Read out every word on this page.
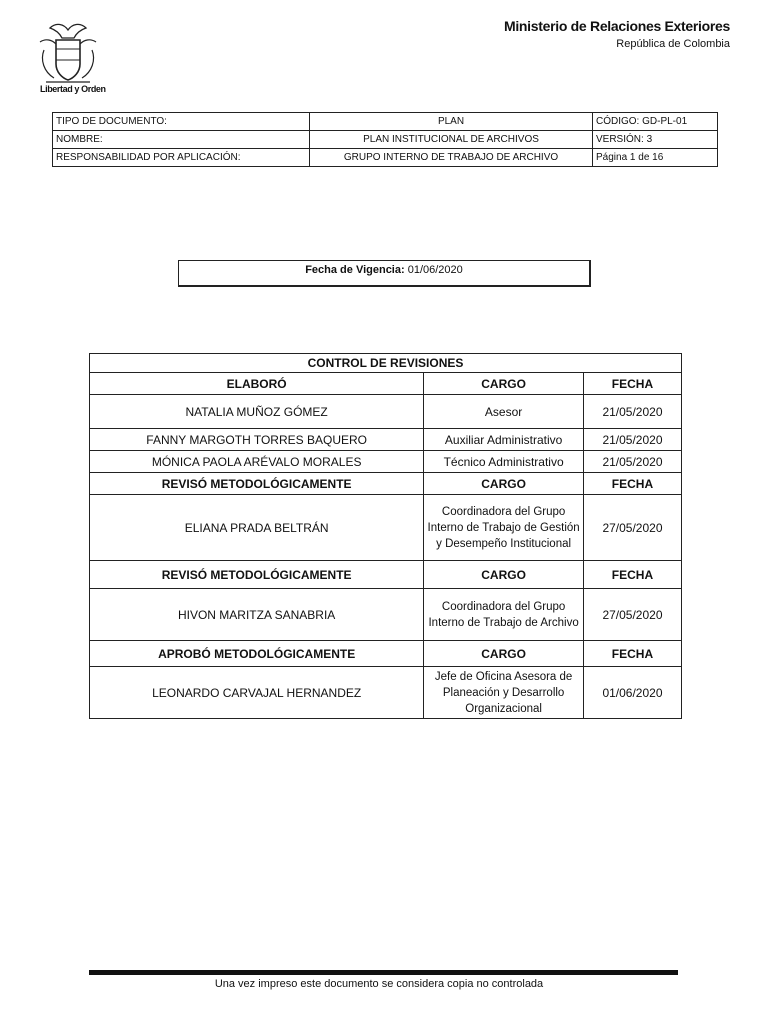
Libertad y Orden
Ministerio de Relaciones Exteriores
República de Colombia
TIPO DE DOCUMENTO:	PLAN	CÓDIGO: GD-PL-01
NOMBRE:	PLAN INSTITUCIONAL DE ARCHIVOS	VERSIÓN: 3
RESPONSABILIDAD POR APLICACIÓN:	GRUPO INTERNO DE TRABAJO DE ARCHIVO	Página 1 de 16
Fecha de Vigencia: 01/06/2020
CONTROL DE REVISIONES		
ELABORÓ	CARGO	FECHA
NATALIA MUÑOZ GÓMEZ	Asesor	21/05/2020
FANNY MARGOTH TORRES BAQUERO	Auxiliar Administrativo	21/05/2020
MÓNICA PAOLA ARÉVALO MORALES	Técnico Administrativo	21/05/2020
REVISÓ METODOLÓGICAMENTE	CARGO	FECHA
ELIANA PRADA BELTRÁN	Coordinadora del Grupo Interno de Trabajo de Gestión y Desempeño Institucional	27/05/2020
REVISÓ METODOLÓGICAMENTE	CARGO	FECHA
HIVON MARITZA SANABRIA	Coordinadora del Grupo Interno de Trabajo de Archivo	27/05/2020
APROBÓ METODOLÓGICAMENTE	CARGO	FECHA
LEONARDO CARVAJAL HERNANDEZ	Jefe de Oficina Asesora de Planeación y Desarrollo Organizacional	01/06/2020
Una vez impreso este documento se considera copia no controlada
